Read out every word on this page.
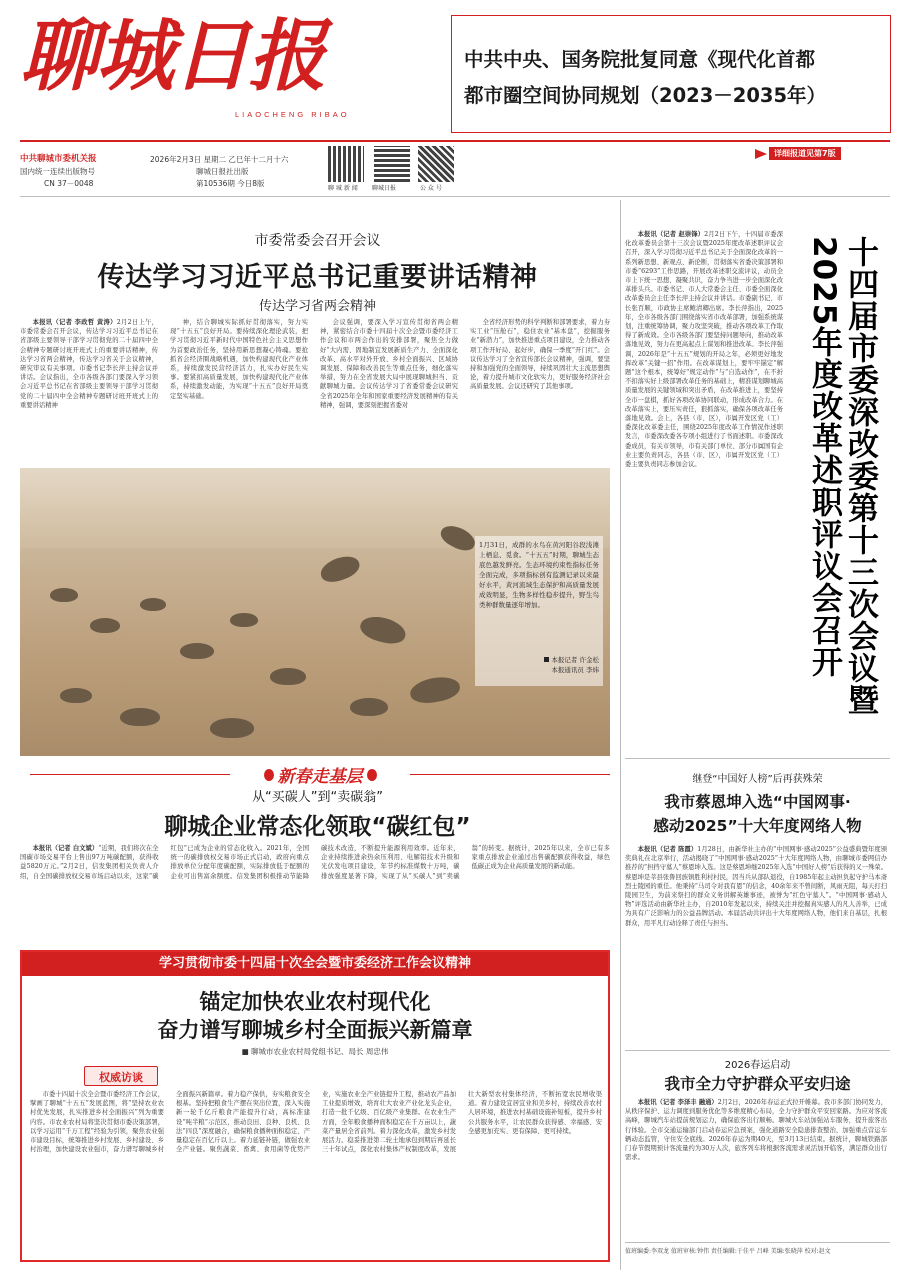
聊城日报
LIAOCHENG RIBAO
中共中央、国务院批复同意《现代化首都
都市圈空间协同规划（2023－2035年）
详细报道见第7版
中共聊城市委机关报
国内统一连续出版物号
CN 37－0048
2026年2月3日 星期二 乙巳年十二月十六
聊城日报社出版
第10536期 今日8版
聊 城 新 闻 聊城日报	公 众 号
市委常委会召开会议
传达学习习近平总书记重要讲话精神
传达学习省两会精神

本报讯（记者 李政哲 黄涛）2月2日上午，市委常委会召开会议，传达学习习近平总书记在省部级主要领导干部学习贯彻党的二十届四中全会精神专题研讨班开班式上的重要讲话精神，传达学习省两会精神，传达学习省关于会议精神，研究审议有关事项。市委书记李长萍主持会议并讲话。会议指出，全市各级各部门要深入学习领会习近平总书记在省部级主要领导干部学习贯彻党的二十届四中全会精神专题研讨班开班式上的重要讲话精神

神，结合聊城实际抓好贯彻落实，努力实现“十五五”良好开局。要持续深化理论武装，把学习贯彻习近平新时代中国特色社会主义思想作为首要政治任务，坚持用新思想凝心铸魂。要抢抓省会经济圈战略机遇，加快构建现代化产业体系，持续激发民营经济活力，扎实办好民生实事。要紧扣高质量发展，加快构建现代化产业体系，持续激发动能，为实现“十五五”良好开局奠定坚实基础。

会议强调，要深入学习宣传贯彻省两会精神，紧密结合市委十四届十次全会暨市委经济工作会议和市两会作出的安排部署，聚焦全力做好“大内需、固地制宜发展新质生产力、全面深化改革、高水平对外开放、乡村全面振兴、区域协调发展、保障和改善民生等重点任务，细化落实举措，努力在全省发展大局中展现聊城担当、贡献聊城力量。会议传达学习了省委常委会议研究全省2025年全年和国家重要经济发展精神的有关精神，强调，要深刻把握省委对

全省经济形势的科学判断和部署要求，着力夯实工业“压舱石”，稳住农业“基本盘”，挖掘服务业“新潜力”，加快推进重点项目建设，全力推动各项工作开好局、起好步，确保一季度“开门红”。会议传达学习了全省宣传部长会议精神，强调，要坚持和加强党的全面领导，持续巩固壮大主流思想舆论，着力提升城市文化软实力，更好服务经济社会高质量发展。会议还研究了其他事项。

1月31日，成群的水鸟在黄河阳谷段浅滩上栖息、觅食。“十五五”时期，聊城生态底色越发鲜亮。生态环境约束性指标任务全面完成，多项指标创有监测记录以来最好水平，黄河流域生态保护和高质量发展成效明显，生物多样性稳步提升，野生鸟类种群数量逐年增加。
本报记者 许金松
本报通讯员 李炜

本报讯（记者 赵崇锋）2月2日下午，十四届市委深化改革委员会第十三次会议暨2025年度改革述职评议会召开，深入学习贯彻习近平总书记关于全面深化改革的一系列新思想、新观点、新论断，贯彻落实省委决策部署和市委“6293”工作思路，开展改革述职交流评议，动员全市上下统一思想、凝聚共识，奋力争当进一步全面深化改革排头兵。市委书记、市人大常委会主任、市委全面深化改革委员会主任李长萍主持会议并讲话。市委副书记、市长张百顺，市政协主席鲍清卿出席。李长萍指出，2025年，全市各级各部门围绕落实省市改革部署，加强系统谋划，注重统筹协调，聚力攻坚突破，推动各项改革工作取得了新成效。全市各级各部门要坚持问题导向，推动改革落地见效，努力在更高起点上谋划和推进改革。李长萍强调，2026年是“十五五”规划的开局之年，必须更好地发挥改革“关键一招”作用。在改革谋划上，要牢牢锚定“解题”这个根本，统筹好“规定动作”与“自选动作”，在不折不扣落实好上级部署改革任务的基础上，精准谋划聊城高质量发展的关键领域和突出矛盾，在改革推进上，要坚持全市一盘棋，抓好各项改革协同联动，形成改革合力。在改革落实上，要压实责任，狠抓落实，确保各项改革任务落地见效。会上，各县（市、区），市属开发区党（工）委深化改革委主任，围绕2025年度改革工作情况作述职发言，市委深改委各专项小组进行了书面述职。市委深改委成员，有关市领导，市有关部门单位、部分市属国有企业主要负责同志，各县（市、区），市属开发区党（工）委主要负责同志参加会议。	十四届市委深改委第十三次会议暨2025年度改革述职评议会召开
继登“中国好人榜”后再获殊荣
我市蔡恩坤入选“中国网事·
感动2025”十大年度网络人物

本报讯（记者 陈霞）1月28日，由新华社主办的“中国网事·感动2025”公益盛典暨年度颁奖典礼在北京举行，活动揭晓了“中国网事·感动2025”十大年度网络人物，由聊城市委网信办推荐的“担挡守墓人”蔡恩坤入选。这是蔡恩坤继2025年入选“中国好人榜”后获得的又一殊荣。蔡恩坤是莘县张鲁回族镇胜利村村民，因当兵从部队退役，自1985年起主动担负起守护马本斋烈士陵园的重任。他秉持“马司令对我有恩”的信念，40余年来不曾间断，风雨无阻，每天打扫陵园卫生，为前来祭扫的群众义务讲解英雄事迹，被誉为“红色守墓人”。“中国网事·感动人物”评选活动由新华社主办，自2010年发起以来，持续关注并挖掘真实感人的凡人善举，已成为具有广泛影响力的公益品牌活动。本届活动共评出十大年度网络人物，他们来自基层，扎根群众，用平凡行动诠释了责任与担当。

2026春运启动
我市全力守护群众平安归途

本报讯（记者 李泽丰 融通）2月2日，2026年春运正式拉开帷幕。我市多部门协同发力，从秩序保护、运力调度到服务优化等多维度精心布局，全力守护群众平安回家路。为应对客流高峰，聊城汽车站提前规划运力，确保旅客出行顺畅。聊城火车站加强站车服务，提升旅客出行体验。全市交通运输部门启动春运应急预案，强化道路安全隐患排查整治，加强重点营运车辆动态监管，守住安全底线。2026年春运为期40天，至3月13日结束。据统计，聊城铁路部门春节假期预计客流量约为30万人次，旅客列车将根据客流需求灵活加开临客，满足群众出行需求。

值班编委:李双龙 值班审核:钟伟 责任编辑:于佳平 吕峰 美编:张晓萍 校对:赵文
新春走基层
从“买碳人”到“卖碳翁”
聊城企业常态化领取“碳红包”

本报讯（记者 白文斌）“近期，我们将次在全国碳市场交易平台上售出97万吨碳配额，获得收益5820万元。”2月2日，信发集团相关负责人介绍，自全国碳排放权交易市场启动以来，这家“碳红包”已成为企业的常态化收入。2021年，全国统一的碳排放权交易市场正式启动，政府向重点排放单位分配年度碳配额，实际排放低于配额的企业可出售富余额度。信发集团积极推动节能降碳技术改造，不断提升能源利用效率。近年来，企业持续推进余热余压利用、电解铝技术升级和光伏发电项目建设，年节约标准煤数十万吨，碳排放强度显著下降，实现了从“买碳人”到“卖碳翁”的转变。据统计，2025年以来，全市已有多家重点排放企业通过出售碳配额获得收益，绿色低碳正成为企业高质量发展的新动能。

学习贯彻市委十四届十次全会暨市委经济工作会议精神
锚定加快农业农村现代化
奋力谱写聊城乡村全面振兴新篇章
■ 聊城市农业农村局党组书记、局长 周忠伟
权威访谈

市委十四届十次全会暨市委经济工作会议，擘画了聊城“十五五”发展蓝图，将“坚持农业农村优先发展，扎实推进乡村全面振兴”列为重要内容。市农业农村局将坚决贯彻市委决策部署，以学习运用“千万工程”经验为引领，聚焦农业强市建设目标，统筹推进乡村发展、乡村建设、乡村治理，加快建设农业强市，奋力谱写聊城乡村全面振兴新篇章。着力稳产保供，夯实粮食安全根基。坚持把粮食生产摆在突出位置，深入实施新一轮千亿斤粮食产能提升行动，高标准建设“吨半粮”示范区，推动良田、良种、良机、良法“四良”深度融合，确保粮食播种面积稳定、产量稳定在百亿斤以上。着力延链补链，做强农业全产业链。聚焦蔬菜、畜禽、食用菌等优势产业，实施农业全产业链提升工程，推动农产品加工业提质增效，培育壮大农业产业化龙头企业，打造一批千亿级、百亿级产业集群。在农业生产方面，全年粮食播种面积稳定在千万亩以上，蔬菜产量居全省前列。着力深化改革，激发乡村发展活力。稳妥推进第二轮土地承包到期后再延长三十年试点，深化农村集体产权制度改革，发展壮大新型农村集体经济，不断拓宽农民增收渠道。着力建设宜居宜业和美乡村，持续改善农村人居环境，推进农村基础设施补短板，提升乡村公共服务水平，让农民群众获得感、幸福感、安全感更加充实、更有保障、更可持续。
